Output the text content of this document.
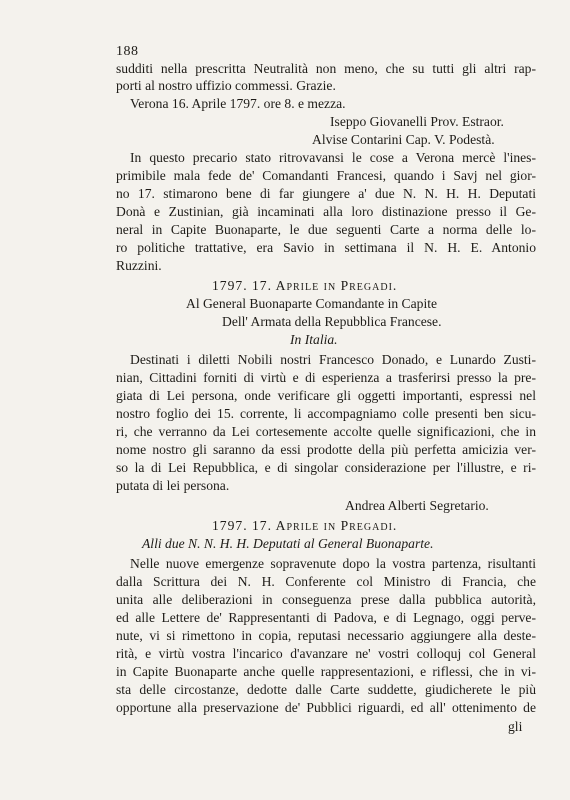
188
sudditi nella prescritta Neutralità non meno, che su tutti gli altri rap-
porti al nostro uffizio commessi. Grazie.
Verona 16. Aprile 1797. ore 8. e mezza.
Iseppo Giovanelli Prov. Estraor.
Alvise Contarini Cap. V. Podestà.
In questo precario stato ritrovavansi le cose a Verona mercè l'ines-
primibile mala fede de' Comandanti Francesi, quando i Savj nel gior-
no 17. stimarono bene di far giungere a' due N. N. H. H. Deputati
Donà e Zustinian, già incaminati alla loro distinazione presso il Ge-
neral in Capite Buonaparte, le due seguenti Carte a norma delle lo-
ro politiche trattative, era Savio in settimana il N. H. E. Antonio
Ruzzini.
1797. 17. Aprile in Pregadi.
Al General Buonaparte Comandante in Capite
Dell' Armata della Repubblica Francese.
In Italia.
Destinati i diletti Nobili nostri Francesco Donado, e Lunardo Zusti-
nian, Cittadini forniti di virtù e di esperienza a trasferirsi presso la pre-
giata di Lei persona, onde verificare gli oggetti importanti, espressi nel
nostro foglio dei 15. corrente, li accompagniamo colle presenti ben sicu-
ri, che verranno da Lei cortesemente accolte quelle significazioni, che in
nome nostro gli saranno da essi prodotte della più perfetta amicizia ver-
so la di Lei Repubblica, e di singolar considerazione per l'illustre, e ri-
putata di lei persona.
Andrea Alberti Segretario.
1797. 17. Aprile in Pregadi.
Alli due N. N. H. H. Deputati al General Buonaparte.
Nelle nuove emergenze sopravenute dopo la vostra partenza, risultanti
dalla Scrittura dei N. H. Conferente col Ministro di Francia, che
unita alle deliberazioni in conseguenza prese dalla pubblica autorità,
ed alle Lettere de' Rappresentanti di Padova, e di Legnago, oggi perve-
nute, vi si rimettono in copia, reputasi necessario aggiungere alla deste-
rità, e virtù vostra l'incarico d'avanzare ne' vostri colloquj col General
in Capite Buonaparte anche quelle rappresentazioni, e riflessi, che in vi-
sta delle circostanze, dedotte dalle Carte suddette, giudicherete le più
opportune alla preservazione de' Pubblici riguardi, ed all' ottenimento de
gli
